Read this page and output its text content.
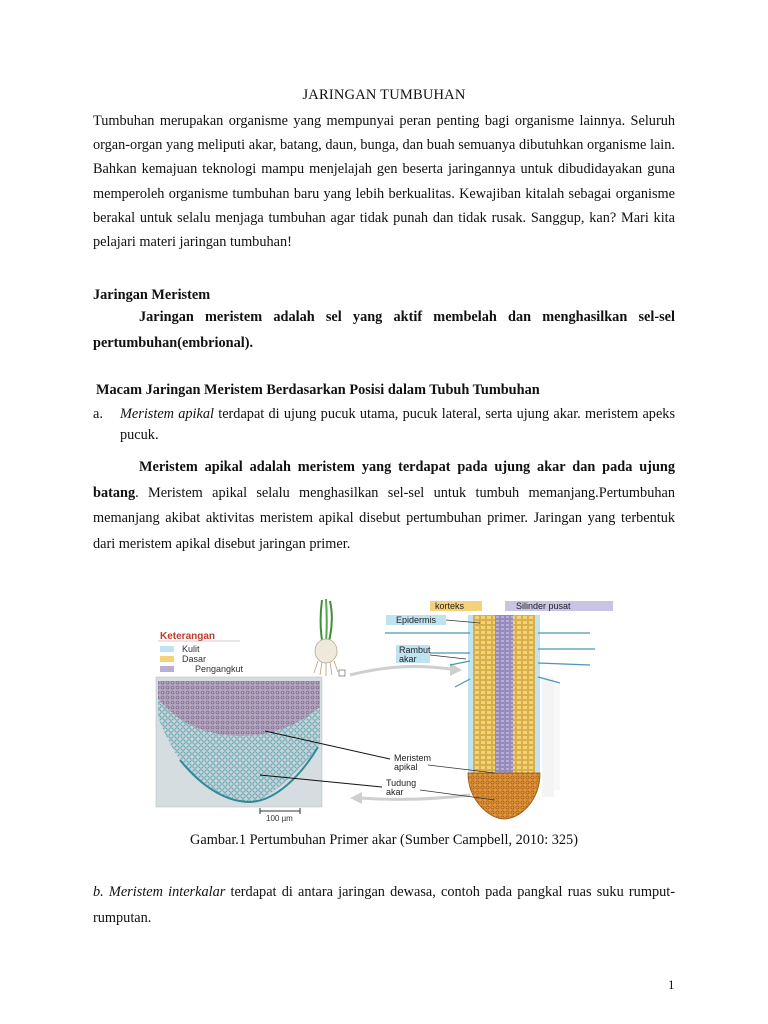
JARINGAN TUMBUHAN
Tumbuhan merupakan organisme yang mempunyai peran penting bagi organisme lainnya. Seluruh organ-organ yang meliputi akar, batang, daun, bunga, dan buah semuanya dibutuhkan organisme lain. Bahkan kemajuan teknologi mampu menjelajah gen beserta jaringannya untuk dibudidayakan guna memperoleh organisme tumbuhan baru yang lebih berkualitas. Kewajiban kitalah sebagai organisme berakal untuk selalu menjaga tumbuhan agar tidak punah dan tidak rusak. Sanggup, kan? Mari kita pelajari materi jaringan tumbuhan!
Jaringan Meristem
Jaringan meristem adalah sel yang aktif membelah dan menghasilkan sel-sel pertumbuhan(embrional).
Macam Jaringan Meristem Berdasarkan Posisi dalam Tubuh Tumbuhan
a. Meristem apikal terdapat di ujung pucuk utama, pucuk lateral, serta ujung akar. meristem apeks pucuk.
Meristem apikal adalah meristem yang terdapat pada ujung akar dan pada ujung batang. Meristem apikal selalu menghasilkan sel-sel untuk tumbuh memanjang.Pertumbuhan memanjang akibat aktivitas meristem apikal disebut pertumbuhan primer. Jaringan yang terbentuk dari meristem apikal disebut jaringan primer.
Keterangan
Kulit
Dasar
Pengangkut
100 µm
korteks	Silinder pusat
Epidermis
Rambut
akar
Meristem
apikal
Tudung
akar
Gambar.1 Pertumbuhan Primer akar (Sumber Campbell, 2010: 325)
b. Meristem interkalar terdapat di antara jaringan dewasa, contoh pada pangkal ruas suku rumput-rumputan.
1
